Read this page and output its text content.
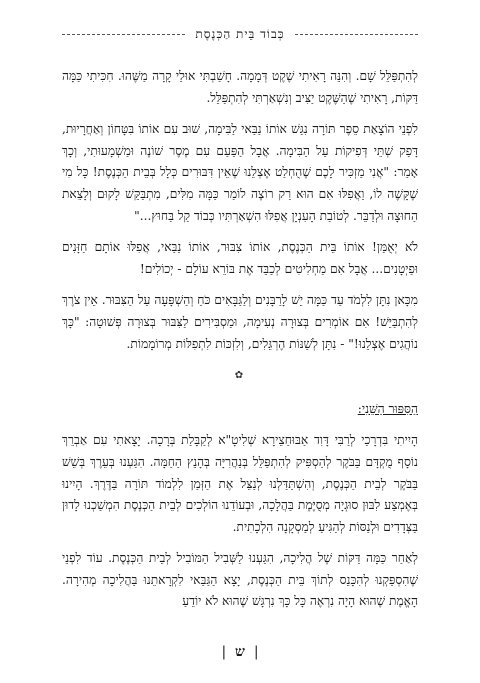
כְּבוֹד בֵּית הַכְּנֶסֶת

לְהִתְפַּלֵּל שָׁם. וְהִנֵּה רָאִיתִי שֶׁקֶט דְּמָמָה. חָשַׁבְתִּי אוּלַי קָרָה מַשֶּׁהוּ. חִכִּיתִי כַּמָּה דַּקּוֹת, רָאִיתִי שֶׁהַשֶּׁקֶט יַצִּיב וְנִשְׁאַרְתִּי לְהִתְפַּלֵּל.

לִפְנֵי הוֹצָאַת סֵפֶר תּוֹרָה נִגַּשׁ אוֹתוֹ נַבַּאי לַבִּימָה, שׁוּב עִם אוֹתוֹ בִּטָּחוֹן וְאַחֲרָיוּת, דָּפַק שְׁתֵּי דְּפִיקוֹת עַל הַבִּימָה. אֲבָל הַפַּעַם עִם מֶסֶר שׁוֹנֶה וּמַשְׁמָעוּתִי, וְכָךְ אָמַר: "אֲנִי מַזְכִּיר לָכֶם שֶׁהֻחְלַט אֶצְלֵנוּ שֶׁאֵין דִּבּוּרִים כְּלָל בְּבֵית הַכְּנֶסֶת! כָּל מִי שֶׁקָּשֶׁה לוֹ, וַאֲפִלּוּ אִם הוּא רַק רוֹצֶה לוֹמַר כַּמָּה מִלִּים, מִתְבַּקֵּשׁ לָקוּם וְלָצֵאת הַחוּצָה וּלְדַבֵּר. לְטוֹבַת הָעִנְיָן אֲפִלּוּ הִשְׁאַרְתִּיו כְּבוֹד קַל בַּחוּץ..."

לֹא יְאֻמַּן! אוֹתוֹ בֵּית הַכְּנֶסֶת, אוֹתוֹ צִבּוּר, אוֹתוֹ נַבַּאי, אֲפִלּוּ אוֹתָם חַזָּנִים וּפַיְטָנִים... אֲבָל אִם מַחְלִיטִים לְכַבֵּד אֶת בּוֹרֵא עוֹלָם - יְכוֹלִים!

מִכָּאן נִתָּן לִלְמֹד עַד כַּמָּה יֵשׁ לָרַבָּנִים וְלַגַּבָּאִים כֹּחַ וְהַשְׁפָּעָה עַל הַצִּבּוּר. אֵין צֹרֶךְ לְהִתְבַּיֵּשׁ! אִם אוֹמְרִים בְּצוּרָה נְעִימָה, וּמַסְבִּירִים לַצִּבּוּר בְּצוּרָה פְּשׁוּטָה: "כָּךְ נוֹהֲגִים אֶצְלֵנוּ!" - נִתָּן לְשַׁנּוֹת הֶרְגֵּלִים, וְלִזְכּוֹת לִתְפִלּוֹת מְרוֹמָמוֹת.

✿

הַסִּפּוּר הַשֵּׁנִי:

הָיִיתִי בִּדְרָכַי לְרַבִּי דָּוִד אַבּוּחַצֵירָא שְׁלִיטָ"א לְקַבָּלַת בְּרָכָה. יָצָאתִי עִם אַבְרֵךְ נוֹסָף מֻקְדָּם בַּבֹּקֶר לְהַסְפִּיק לְהִתְפַּלֵּל בְּנַהֲרִיָּה בְּהָנֵץ הַחַמָּה. הִגַּעְנוּ בְּעֵרֶךְ בְּשֵׁשׁ בַּבֹּקֶר לְבֵית הַכְּנֶסֶת, וְהִשְׁתַּדַּלְנוּ לְנַצֵּל אֶת הַזְּמַן לִלְמוֹד תּוֹרָה בַּדֶּרֶךְ. הָיִינוּ בְּאֶמְצַע לִבּוּן סוּגְיָה מְסֻיֶּמֶת בַּהֲלָכָה, וּבְעוֹדֵנוּ הוֹלְכִים לְבֵית הַכְּנֶסֶת הִמְשַׁכְנוּ לָדוּן בַּצְּדָדִים וּלְנַסּוֹת לְהַגִּיעַ לְמַסְקָנָה הִלְכָתִית.

לְאַחַר כַּמָּה דַּקּוֹת שֶׁל הֲלִיכָה, הִגַּעְנוּ לַשְּׁבִיל הַמּוֹבִיל לְבֵית הַכְּנֶסֶת. עוֹד לִפְנֵי שֶׁהִסְפַּקְנוּ לְהִכָּנֵס לְתוֹךְ בֵּית הַכְּנֶסֶת, יָצָא הַגַּבַּאי לִקְרָאתֵנוּ בַּהֲלִיכָה מְהִירָה. הָאֱמֶת שֶׁהוּא הָיָה נִרְאֶה כָּל כָּךְ נִרְגָּשׁ שֶׁהוּא לֹא יוֹדֵעַ

| ש |
